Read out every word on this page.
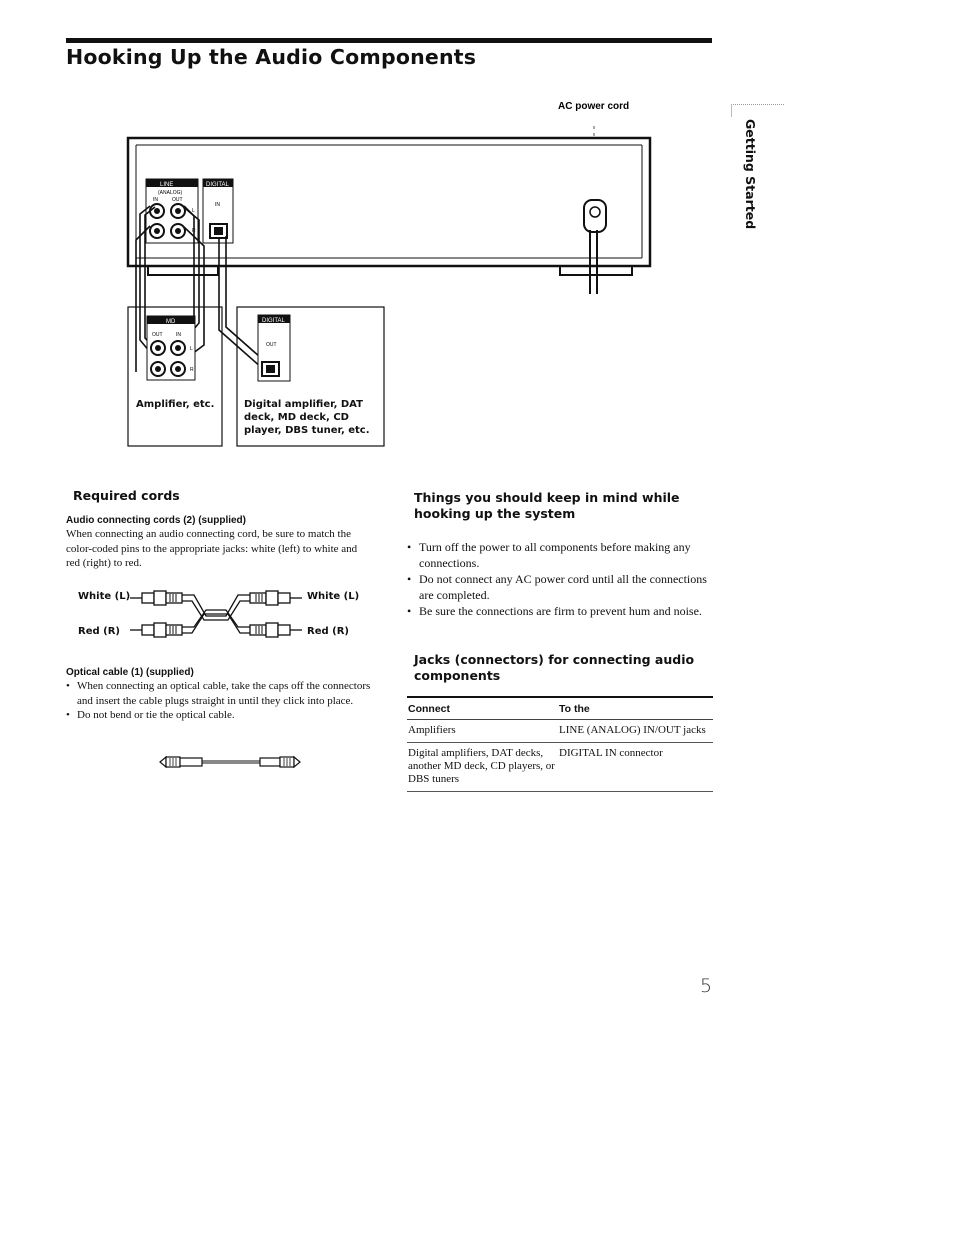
Hooking Up the Audio Components
Getting Started
AC power cord
LINE
(ANALOG)
IN	OUT
L
R
DIGITAL
IN
MD
OUT	IN
L
R
DIGITAL
OUT
Amplifier, etc.	Digital amplifier, DAT deck, MD deck, CD player, DBS tuner, etc.
Required cords
Audio connecting cords (2) (supplied)
When connecting an audio connecting cord, be sure to match the color-coded pins to the appropriate jacks: white (left) to white and red (right) to red.
White (L)	White (L)
Red (R)	Red (R)
Optical cable (1) (supplied)
• When connecting an optical cable, take the caps off the connectors and insert the cable plugs straight in until they click into place.
• Do not bend or tie the optical cable.
Things you should keep in mind while hooking up the system
• Turn off the power to all components before making any connections.
• Do not connect any AC power cord until all the connections are completed.
• Be sure the connections are firm to prevent hum and noise.
Jacks (connectors) for connecting audio components
Connect	To the
Amplifiers	LINE (ANALOG) IN/OUT jacks
Digital amplifiers, DAT decks, another MD deck, CD players, or DBS tuners	DIGITAL IN connector
5
